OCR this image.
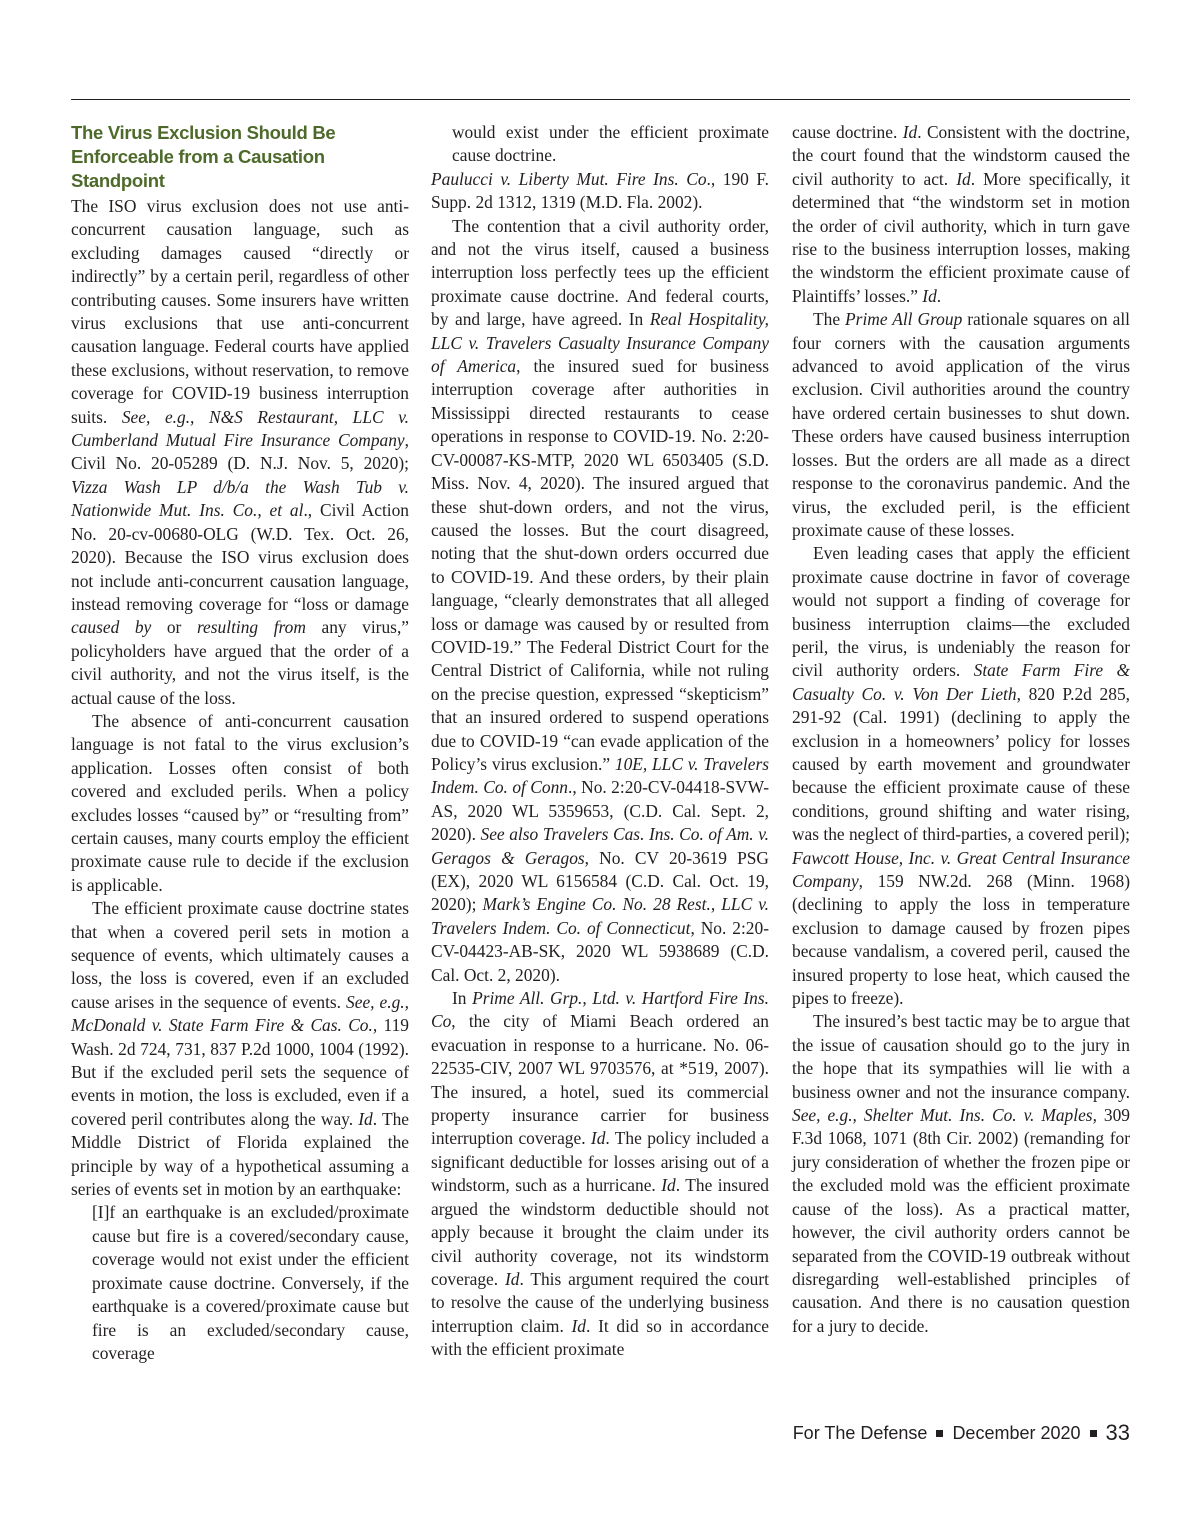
The Virus Exclusion Should Be Enforceable from a Causation Standpoint

The ISO virus exclusion does not use anti-concurrent causation language, such as excluding damages caused “directly or indirectly” by a certain peril, regardless of other contributing causes. Some insurers have written virus exclusions that use anti-concurrent causation language. Federal courts have applied these exclusions, without reservation, to remove coverage for COVID-19 business interruption suits. See, e.g., N&S Restaurant, LLC v. Cumberland Mutual Fire Insurance Company, Civil No. 20-05289 (D. N.J. Nov. 5, 2020); Vizza Wash LP d/b/a the Wash Tub v. Nationwide Mut. Ins. Co., et al., Civil Action No. 20-cv-00680-OLG (W.D. Tex. Oct. 26, 2020). Because the ISO virus exclusion does not include anti-concurrent causation language, instead removing coverage for “loss or damage caused by or resulting from any virus,” policyholders have argued that the order of a civil authority, and not the virus itself, is the actual cause of the loss.

The absence of anti-concurrent causation language is not fatal to the virus exclusion’s application. Losses often consist of both covered and excluded perils. When a policy excludes losses “caused by” or “resulting from” certain causes, many courts employ the efficient proximate cause rule to decide if the exclusion is applicable.

The efficient proximate cause doctrine states that when a covered peril sets in motion a sequence of events, which ultimately causes a loss, the loss is covered, even if an excluded cause arises in the sequence of events. See, e.g., McDonald v. State Farm Fire & Cas. Co., 119 Wash. 2d 724, 731, 837 P.2d 1000, 1004 (1992). But if the excluded peril sets the sequence of events in motion, the loss is excluded, even if a covered peril contributes along the way. Id. The Middle District of Florida explained the principle by way of a hypothetical assuming a series of events set in motion by an earthquake:

[I]f an earthquake is an excluded/proximate cause but fire is a covered/secondary cause, coverage would not exist under the efficient proximate cause doctrine. Conversely, if the earthquake is a covered/proximate cause but fire is an excluded/secondary cause, coverage

would exist under the efficient proximate cause doctrine.

Paulucci v. Liberty Mut. Fire Ins. Co., 190 F. Supp. 2d 1312, 1319 (M.D. Fla. 2002).

The contention that a civil authority order, and not the virus itself, caused a business interruption loss perfectly tees up the efficient proximate cause doctrine. And federal courts, by and large, have agreed. In Real Hospitality, LLC v. Travelers Casualty Insurance Company of America, the insured sued for business interruption coverage after authorities in Mississippi directed restaurants to cease operations in response to COVID-19. No. 2:20-CV-00087-KS-MTP, 2020 WL 6503405 (S.D. Miss. Nov. 4, 2020). The insured argued that these shut-down orders, and not the virus, caused the losses. But the court disagreed, noting that the shut-down orders occurred due to COVID-19. And these orders, by their plain language, “clearly demonstrates that all alleged loss or damage was caused by or resulted from COVID-19.” The Federal District Court for the Central District of California, while not ruling on the precise question, expressed “skepticism” that an insured ordered to suspend operations due to COVID-19 “can evade application of the Policy’s virus exclusion.” 10E, LLC v. Travelers Indem. Co. of Conn., No. 2:20-CV-04418-SVW-AS, 2020 WL 5359653, (C.D. Cal. Sept. 2, 2020). See also Travelers Cas. Ins. Co. of Am. v. Geragos & Geragos, No. CV 20-3619 PSG (EX), 2020 WL 6156584 (C.D. Cal. Oct. 19, 2020); Mark’s Engine Co. No. 28 Rest., LLC v. Travelers Indem. Co. of Connecticut, No. 2:20-CV-04423-AB-SK, 2020 WL 5938689 (C.D. Cal. Oct. 2, 2020).

In Prime All. Grp., Ltd. v. Hartford Fire Ins. Co, the city of Miami Beach ordered an evacuation in response to a hurricane. No. 06-22535-CIV, 2007 WL 9703576, at *519, 2007). The insured, a hotel, sued its commercial property insurance carrier for business interruption coverage. Id. The policy included a significant deductible for losses arising out of a windstorm, such as a hurricane. Id. The insured argued the windstorm deductible should not apply because it brought the claim under its civil authority coverage, not its windstorm coverage. Id. This argument required the court to resolve the cause of the underlying business interruption claim. Id. It did so in accordance with the efficient proximate

cause doctrine. Id. Consistent with the doctrine, the court found that the windstorm caused the civil authority to act. Id. More specifically, it determined that “the windstorm set in motion the order of civil authority, which in turn gave rise to the business interruption losses, making the windstorm the efficient proximate cause of Plaintiffs’ losses.” Id.

The Prime All Group rationale squares on all four corners with the causation arguments advanced to avoid application of the virus exclusion. Civil authorities around the country have ordered certain businesses to shut down. These orders have caused business interruption losses. But the orders are all made as a direct response to the coronavirus pandemic. And the virus, the excluded peril, is the efficient proximate cause of these losses.

Even leading cases that apply the efficient proximate cause doctrine in favor of coverage would not support a finding of coverage for business interruption claims—the excluded peril, the virus, is undeniably the reason for civil authority orders. State Farm Fire & Casualty Co. v. Von Der Lieth, 820 P.2d 285, 291-92 (Cal. 1991) (declining to apply the exclusion in a homeowners’ policy for losses caused by earth movement and groundwater because the efficient proximate cause of these conditions, ground shifting and water rising, was the neglect of third-parties, a covered peril); Fawcott House, Inc. v. Great Central Insurance Company, 159 NW.2d. 268 (Minn. 1968) (declining to apply the loss in temperature exclusion to damage caused by frozen pipes because vandalism, a covered peril, caused the insured property to lose heat, which caused the pipes to freeze).

The insured’s best tactic may be to argue that the issue of causation should go to the jury in the hope that its sympathies will lie with a business owner and not the insurance company. See, e.g., Shelter Mut. Ins. Co. v. Maples, 309 F.3d 1068, 1071 (8th Cir. 2002) (remanding for jury consideration of whether the frozen pipe or the excluded mold was the efficient proximate cause of the loss). As a practical matter, however, the civil authority orders cannot be separated from the COVID-19 outbreak without disregarding well-established principles of causation. And there is no causation question for a jury to decide.

For The Defense December 2020 33
